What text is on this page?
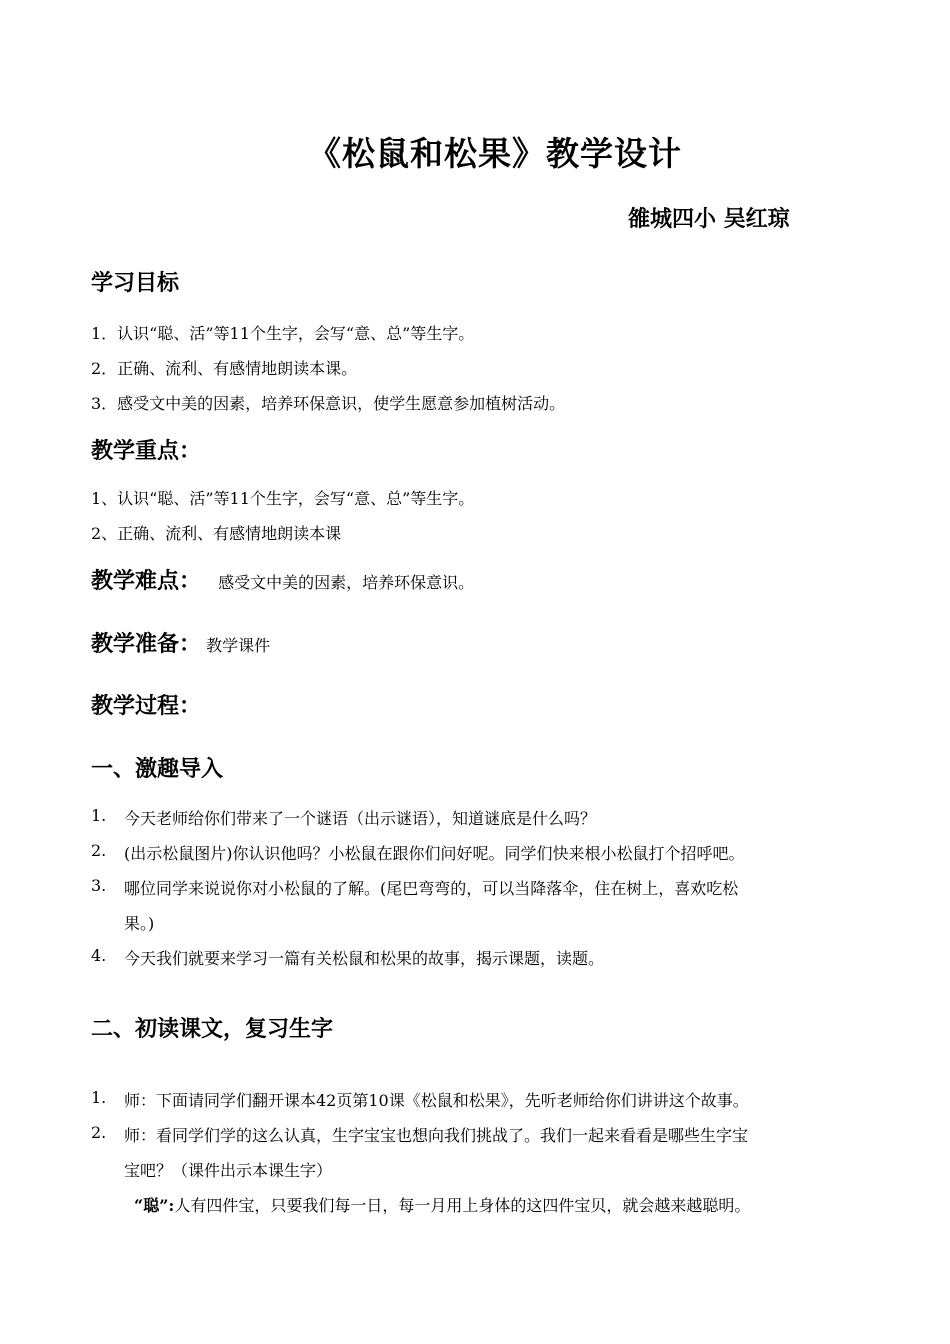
《松鼠和松果》教学设计
雒城四小 吴红琼
学习目标
1．认识“聪、活”等11个生字，会写“意、总”等生字。
2．正确、流利、有感情地朗读本课。
3．感受文中美的因素，培养环保意识，使学生愿意参加植树活动。
教学重点：
1、认识“聪、活”等11个生字，会写“意、总”等生字。
2、正确、流利、有感情地朗读本课
教学难点： 感受文中美的因素，培养环保意识。
教学准备： 教学课件
教学过程：
一、激趣导入
1. 今天老师给你们带来了一个谜语（出示谜语），知道谜底是什么吗？
2. (出示松鼠图片)你认识他吗？小松鼠在跟你们问好呢。同学们快来根小松鼠打个招呼吧。
3. 哪位同学来说说你对小松鼠的了解。(尾巴弯弯的，可以当降落伞，住在树上，喜欢吃松
果。)
4. 今天我们就要来学习一篇有关松鼠和松果的故事，揭示课题，读题。
二、初读课文，复习生字
1. 师：下面请同学们翻开课本42页第10课《松鼠和松果》，先听老师给你们讲讲这个故事。
2. 师：看同学们学的这么认真，生字宝宝也想向我们挑战了。我们一起来看看是哪些生字宝
宝吧？（课件出示本课生字）
“聪”:人有四件宝，只要我们每一日，每一月用上身体的这四件宝贝，就会越来越聪明。
